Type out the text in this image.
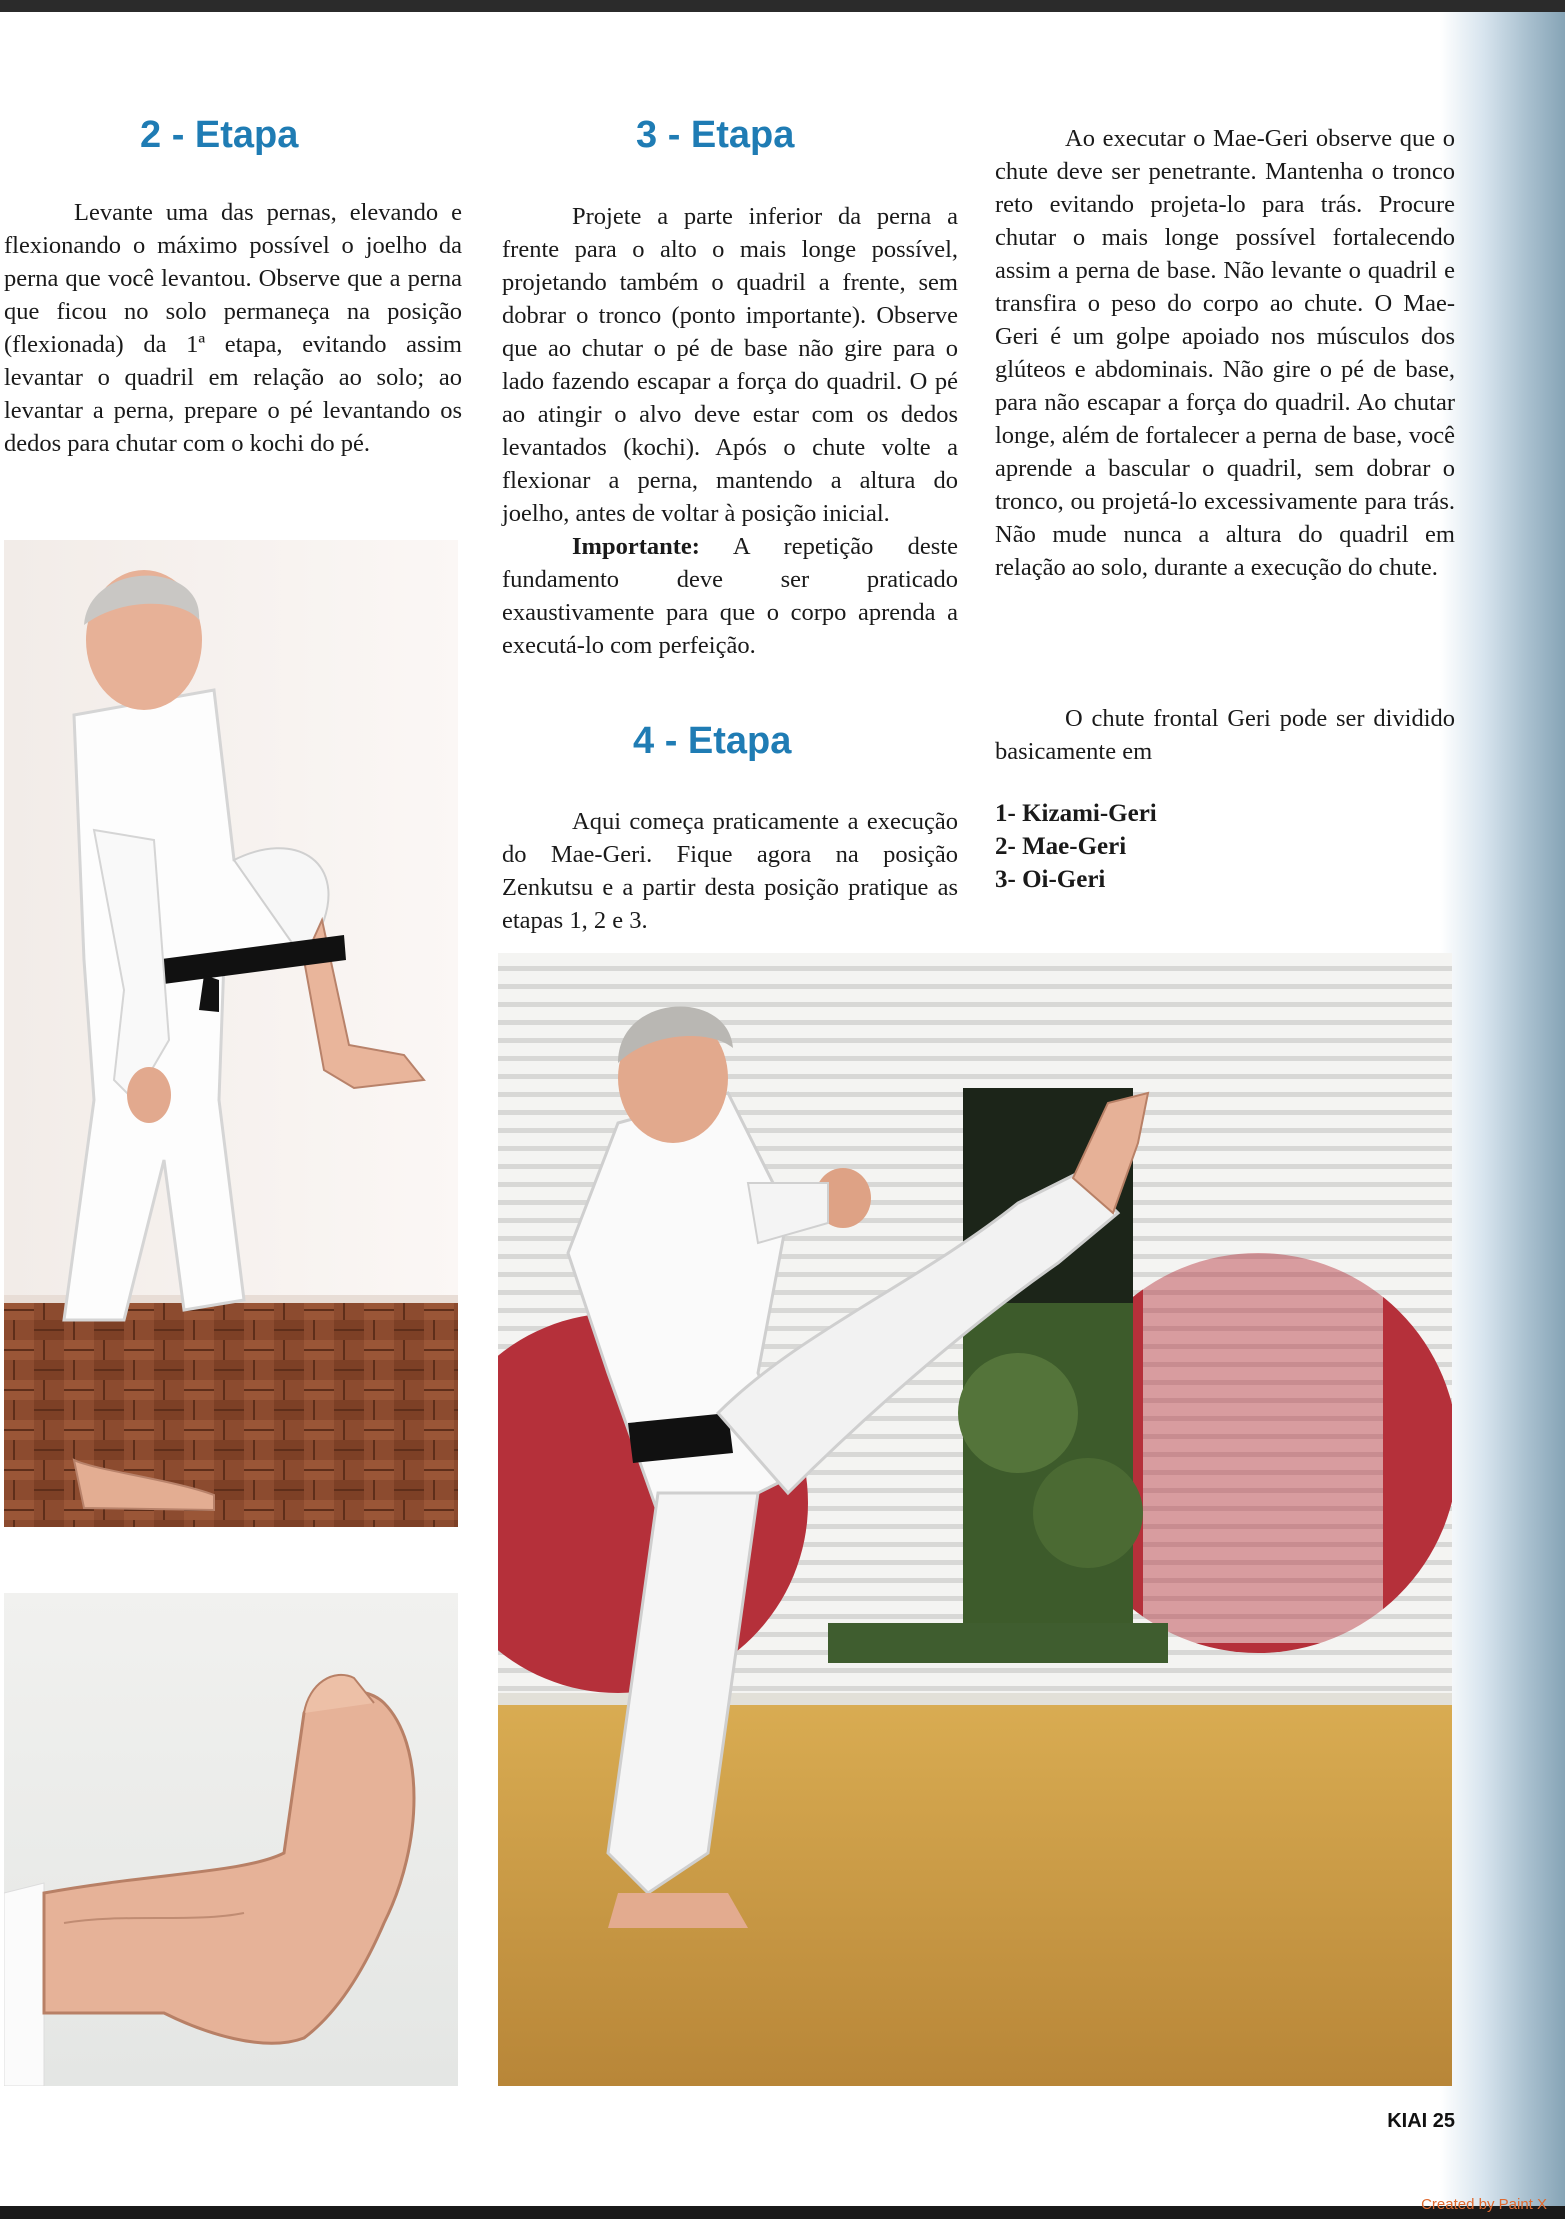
2 - Etapa

Levante uma das pernas, elevando e flexionando o máximo possível o joelho da perna que você levantou. Observe que a perna que ficou no solo permaneça na posição (flexionada) da 1ª etapa, evitando assim levantar o quadril em relação ao solo; ao levantar a perna, prepare o pé levantando os dedos para chutar com o kochi do pé.

3 - Etapa

Projete a parte inferior da perna a frente para o alto o mais longe possível, projetando também o quadril a frente, sem dobrar o tronco (ponto importante). Observe que ao chutar o pé de base não gire para o lado fazendo escapar a força do quadril. O pé ao atingir o alvo deve estar com os dedos levantados (kochi). Após o chute volte a flexionar a perna, mantendo a altura do joelho, antes de voltar à posição inicial.

Importante: A repetição deste fundamento deve ser praticado exaustivamente para que o corpo aprenda a executá-lo com perfeição.

4 - Etapa

Aqui começa praticamente a execução do Mae-Geri. Fique agora na posição Zenkutsu e a partir desta posição pratique as etapas 1, 2 e 3.

Ao executar o Mae-Geri observe que o chute deve ser penetrante. Mantenha o tronco reto evitando projeta-lo para trás. Procure chutar o mais longe possível fortalecendo assim a perna de base. Não levante o quadril e transfira o peso do corpo ao chute. O Mae-Geri é um golpe apoiado nos músculos dos glúteos e abdominais. Não gire o pé de base, para não escapar a força do quadril. Ao chutar longe, além de fortalecer a perna de base, você aprende a bascular o quadril, sem dobrar o tronco, ou projetá-lo excessivamente para trás. Não mude nunca a altura do quadril em relação ao solo, durante a execução do chute.

O chute frontal Geri pode ser dividido basicamente em

1- Kizami-Geri
2- Mae-Geri
3- Oi-Geri
KIAI 25
Created by Paint X
